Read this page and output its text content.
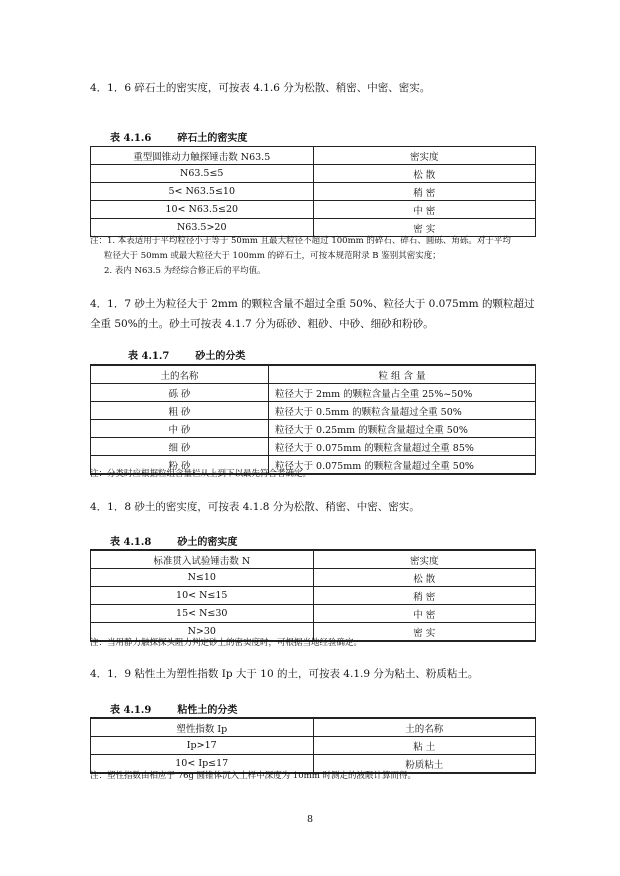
4．1．6 碎石土的密实度，可按表 4.1.6 分为松散、稍密、中密、密实。
表 4.1.6	碎石土的密实度
重型圆锥动力触探锤击数 N63.5	密实度
N63.5≤5	松 散
5< N63.5≤10	稍 密
10< N63.5≤20	中 密
N63.5>20	密 实
注：1. 本表适用于平均粒径小于等于 50mm 且最大粒径不超过 100mm 的碎石、碎石、圆砾、角砾。对于平均
粒径大于 50mm 或最大粒径大于 100mm 的碎石土，可按本规范附录 B 鉴别其密实度；
2. 表内 N63.5 为经综合修正后的平均值。
4．1．7 砂土为粒径大于 2mm 的颗粒含量不超过全重 50%、粒径大于 0.075mm 的颗粒超过全重 50%的土。砂土可按表 4.1.7 分为砾砂、粗砂、中砂、细砂和粉砂。
表 4.1.7	砂土的分类
土的名称	粒 组 含 量
砾 砂	粒径大于 2mm 的颗粒含量占全重 25%~50%
粗 砂	粒径大于 0.5mm 的颗粒含量超过全重 50%
中 砂	粒径大于 0.25mm 的颗粒含量超过全重 50%
细 砂	粒径大于 0.075mm 的颗粒含量超过全重 85%
粉 砂	粒径大于 0.075mm 的颗粒含量超过全重 50%
注：分类时应根据粒组含量栏从上到下以最先符合者确定。
4．1．8 砂土的密实度，可按表 4.1.8 分为松散、稍密、中密、密实。
表 4.1.8	砂土的密实度
标准贯入试验锤击数 N	密实度
N≤10	松 散
10< N≤15	稍 密
15< N≤30	中 密
N>30	密 实
注：当用静力触探探头阻力判定砂土的密实度时，可根据当地经验确定。
4．1．9 粘性土为塑性指数 Ip 大于 10 的土，可按表 4.1.9 分为粘土、粉质粘土。
表 4.1.9	粘性土的分类
塑性指数 Ip	土的名称
Ip>17	粘 土
10< Ip≤17	粉质粘土
注：塑性指数由相应于 76g 圆锥体沉入土样中深度为 10mm 时测定的液限计算而得。
8
